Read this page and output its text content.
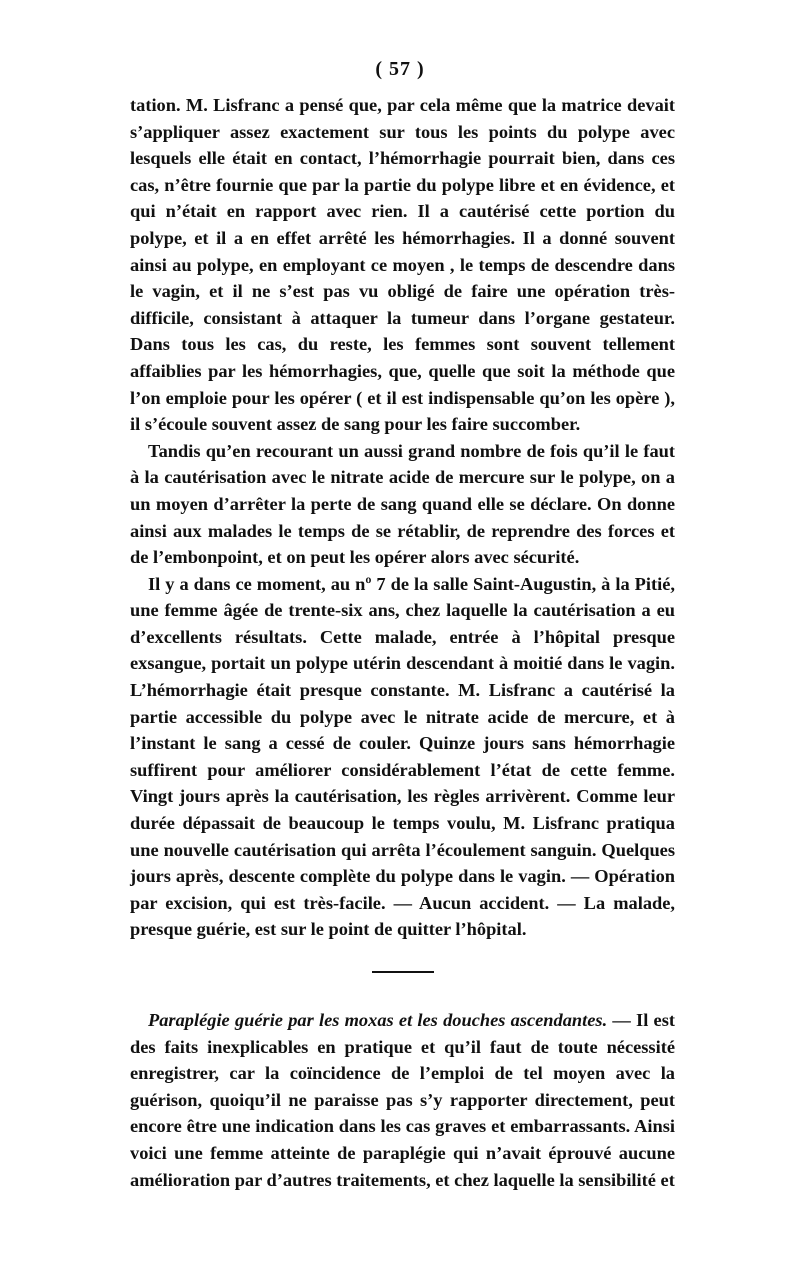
( 57 )

tation. M. Lisfranc a pensé que, par cela même que la matrice devait s’appliquer assez exactement sur tous les points du polype avec lesquels elle était en contact, l’hémorrhagie pourrait bien, dans ces cas, n’être fournie que par la partie du polype libre et en évidence, et qui n’était en rapport avec rien. Il a cautérisé cette portion du polype, et il a en effet arrêté les hémorrhagies. Il a donné souvent ainsi au polype, en employant ce moyen , le temps de descendre dans le vagin, et il ne s’est pas vu obligé de faire une opération très-difficile, consistant à attaquer la tumeur dans l’organe gestateur. Dans tous les cas, du reste, les femmes sont souvent tellement affaiblies par les hémorrhagies, que, quelle que soit la méthode que l’on emploie pour les opérer ( et il est indispensable qu’on les opère ), il s’écoule souvent assez de sang pour les faire succomber.

Tandis qu’en recourant un aussi grand nombre de fois qu’il le faut à la cautérisation avec le nitrate acide de mercure sur le polype, on a un moyen d’arrêter la perte de sang quand elle se déclare. On donne ainsi aux malades le temps de se rétablir, de reprendre des forces et de l’embonpoint, et on peut les opérer alors avec sécurité.

Il y a dans ce moment, au nº 7 de la salle Saint-Augustin, à la Pitié, une femme âgée de trente-six ans, chez laquelle la cautérisation a eu d’excellents résultats. Cette malade, entrée à l’hôpital presque exsangue, portait un polype utérin descendant à moitié dans le vagin. L’hémorrhagie était presque constante. M. Lisfranc a cautérisé la partie accessible du polype avec le nitrate acide de mercure, et à l’instant le sang a cessé de couler. Quinze jours sans hémorrhagie suffirent pour améliorer considérablement l’état de cette femme. Vingt jours après la cautérisation, les règles arrivèrent. Comme leur durée dépassait de beaucoup le temps voulu, M. Lisfranc pratiqua une nouvelle cautérisation qui arrêta l’écoulement sanguin. Quelques jours après, descente complète du polype dans le vagin. — Opération par excision, qui est très-facile. — Aucun accident. — La malade, presque guérie, est sur le point de quitter l’hôpital.

Paraplégie guérie par les moxas et les douches ascendantes. — Il est des faits inexplicables en pratique et qu’il faut de toute nécessité enregistrer, car la coïncidence de l’emploi de tel moyen avec la guérison, quoiqu’il ne paraisse pas s’y rapporter directement, peut encore être une indication dans les cas graves et embarrassants. Ainsi voici une femme atteinte de paraplégie qui n’avait éprouvé aucune amélioration par d’autres traitements, et chez laquelle la sensibilité et
